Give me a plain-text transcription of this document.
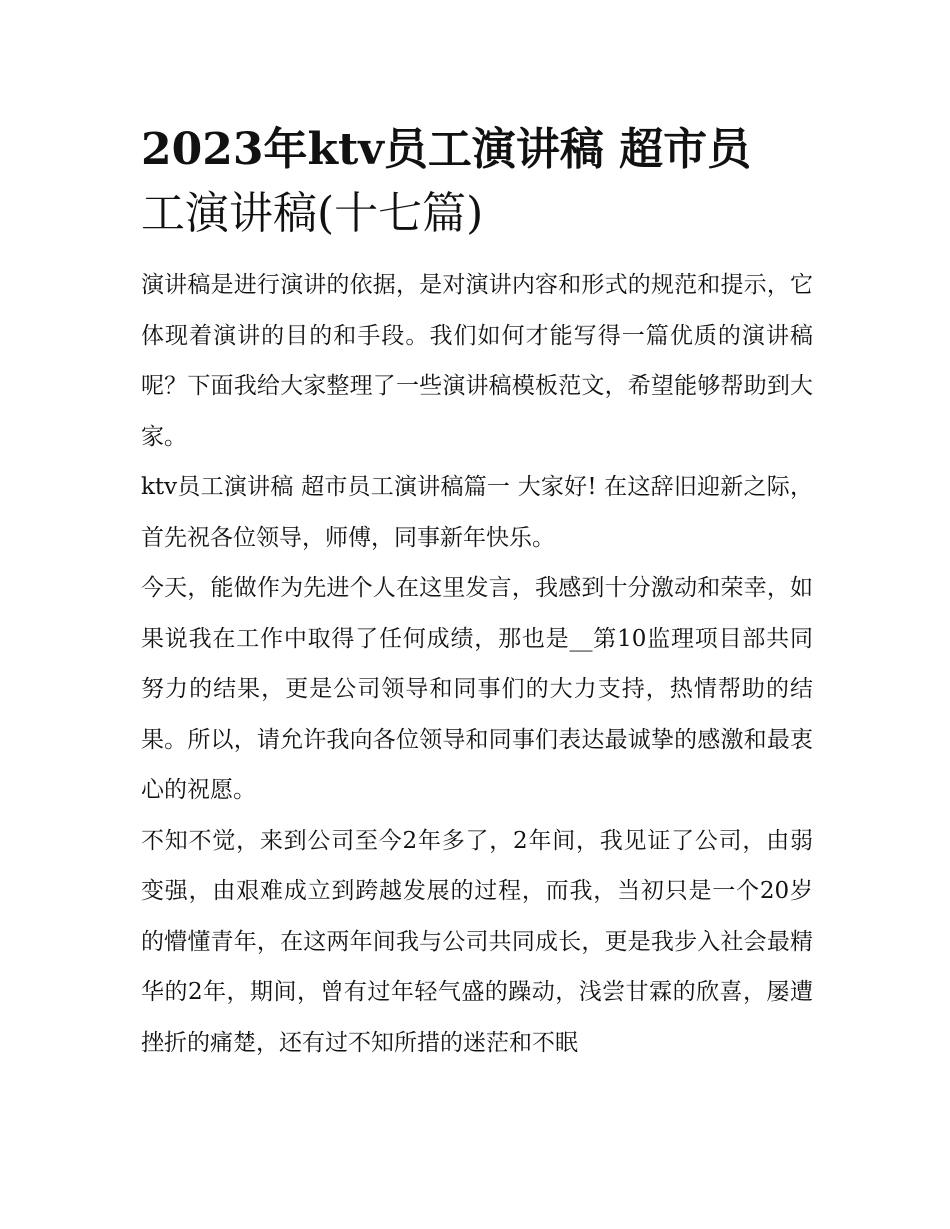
2023年ktv员工演讲稿 超市员
工演讲稿(十七篇)

演讲稿是进行演讲的依据，是对演讲内容和形式的规范和提示，它体现着演讲的目的和手段。我们如何才能写得一篇优质的演讲稿呢？下面我给大家整理了一些演讲稿模板范文，希望能够帮助到大家。

ktv员工演讲稿 超市员工演讲稿篇一 大家好! 在这辞旧迎新之际，首先祝各位领导，师傅，同事新年快乐。

今天，能做作为先进个人在这里发言，我感到十分激动和荣幸，如果说我在工作中取得了任何成绩，那也是__第10监理项目部共同努力的结果，更是公司领导和同事们的大力支持，热情帮助的结果。所以，请允许我向各位领导和同事们表达最诚挚的感激和最衷心的祝愿。

不知不觉，来到公司至今2年多了，2年间，我见证了公司，由弱变强，由艰难成立到跨越发展的过程，而我，当初只是一个20岁的懵懂青年，在这两年间我与公司共同成长，更是我步入社会最精华的2年，期间，曾有过年轻气盛的躁动，浅尝甘霖的欣喜，屡遭挫折的痛楚，还有过不知所措的迷茫和不眠
